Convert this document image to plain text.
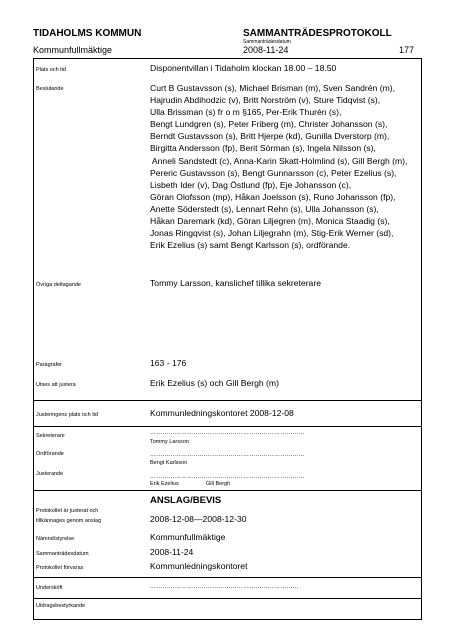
TIDAHOLMS KOMMUN	SAMMANTRÄDESPROTOKOLL
Sammanträdesdatum
Kommunfullmäktige	2008-11-24	177
Plats och tid	Disponentvillan i Tidaholm klockan 18.00 – 18.50
Beslutande	Curt B Gustavsson (s), Michael Brisman (m), Sven Sandrén (m),
Hajrudin Abdihodzic (v), Britt Norström (v), Sture Tidqvist (s),
Ulla Brissman (s) fr o m §165, Per-Erik Thurén (s),
Bengt Lundgren (s), Peter Friberg (m), Christer Johansson (s),
Berndt Gustavsson (s), Britt Hjerpe (kd), Gunilla Dverstorp (m),
Birgitta Andersson (fp), Berit Sörman (s), Ingela Nilsson (s),
Anneli Sandstedt (c), Anna-Karin Skatt-Holmlind (s), Gill Bergh (m),
Pereric Gustavsson (s), Bengt Gunnarsson (c), Peter Ezelius (s),
Lisbeth Ider (v), Dag Östlund (fp), Eje Johansson (c),
Göran Olofsson (mp), Håkan Joelsson (s), Runo Johansson (fp),
Anette Söderstedt (s), Lennart Rehn (s), Ulla Johansson (s),
Håkan Daremark (kd), Göran Liljegren (m), Monica Staadig (s),
Jonas Ringqvist (s), Johan Liljegrahn (m), Stig-Erik Werner (sd),
Erik Ezelius (s) samt Bengt Karlsson (s), ordförande.
Övriga deltagande	Tommy Larsson, kanslichef tillika sekreterare
Paragrafer	163 - 176
Utses att justera	Erik Ezelius (s) och Gill Bergh (m)
Justeringens plats och tid	Kommunledningskontoret 2008-12-08
Sekreterare	…………………………………………………………………
Tommy Larsson
Ordförande	…………………………………………………………………
Bengt Karlsson
Justerande	…………………………………………………………………
Erik Ezelius	Gill Bergh
ANSLAG/BEVIS
Protokollet är justerat och
tillkännages genom anslag	2008-12-08—2008-12-30
Nämnd/styrelse	Kommunfullmäktige
Sammanträdesdatum	2008-11-24
Protokollet förvaras	Kommunledningskontoret
Underskrift	………………………………………………………………
Utdragsbestyrkande
